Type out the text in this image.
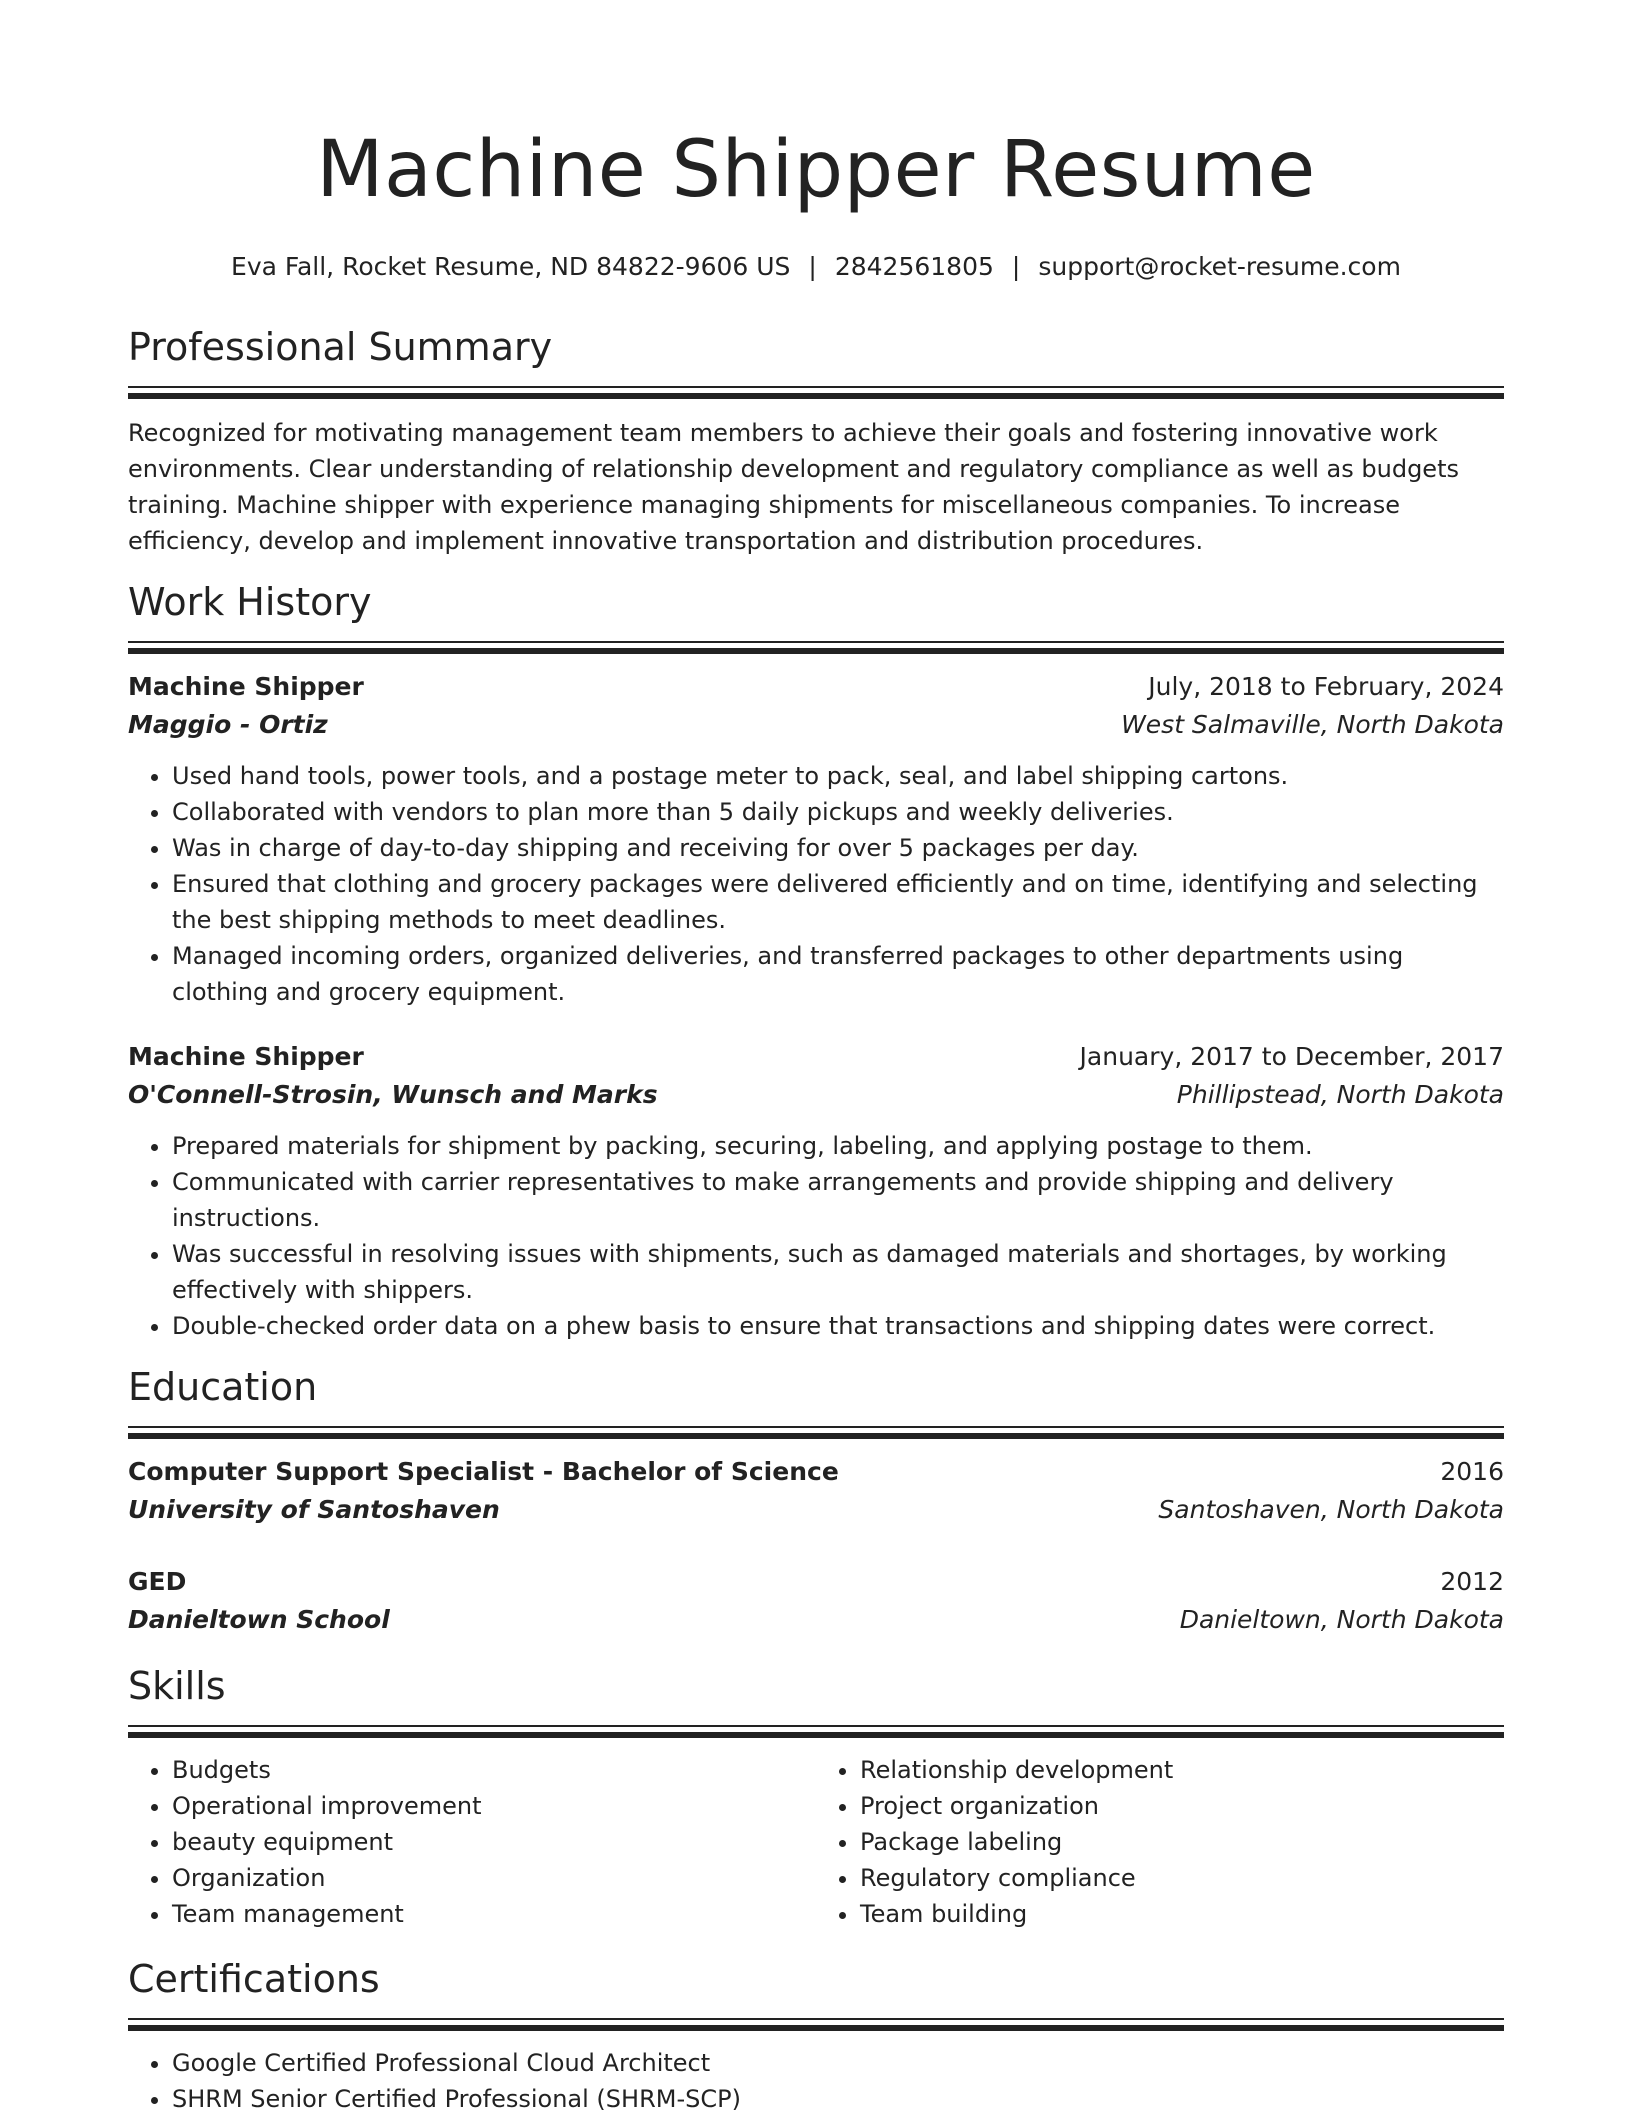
Machine Shipper Resume
Eva Fall, Rocket Resume, ND 84822-9606 US | 2842561805 | support@rocket-resume.com
Professional Summary
Recognized for motivating management team members to achieve their goals and fostering innovative work environments. Clear understanding of relationship development and regulatory compliance as well as budgets training. Machine shipper with experience managing shipments for miscellaneous companies. To increase efficiency, develop and implement innovative transportation and distribution procedures.
Work History
Machine Shipper	July, 2018 to February, 2024
Maggio - Ortiz	West Salmaville, North Dakota
• Used hand tools, power tools, and a postage meter to pack, seal, and label shipping cartons.
• Collaborated with vendors to plan more than 5 daily pickups and weekly deliveries.
• Was in charge of day-to-day shipping and receiving for over 5 packages per day.
• Ensured that clothing and grocery packages were delivered efficiently and on time, identifying and selecting the best shipping methods to meet deadlines.
• Managed incoming orders, organized deliveries, and transferred packages to other departments using clothing and grocery equipment.
Machine Shipper	January, 2017 to December, 2017
O'Connell-Strosin, Wunsch and Marks	Phillipstead, North Dakota
• Prepared materials for shipment by packing, securing, labeling, and applying postage to them.
• Communicated with carrier representatives to make arrangements and provide shipping and delivery instructions.
• Was successful in resolving issues with shipments, such as damaged materials and shortages, by working effectively with shippers.
• Double-checked order data on a phew basis to ensure that transactions and shipping dates were correct.
Education
Computer Support Specialist - Bachelor of Science	2016
University of Santoshaven	Santoshaven, North Dakota
GED	2012
Danieltown School	Danieltown, North Dakota
Skills
• Budgets
• Operational improvement
• beauty equipment
• Organization
• Team management
• Relationship development
• Project organization
• Package labeling
• Regulatory compliance
• Team building
Certifications
• Google Certified Professional Cloud Architect
• SHRM Senior Certified Professional (SHRM-SCP)
